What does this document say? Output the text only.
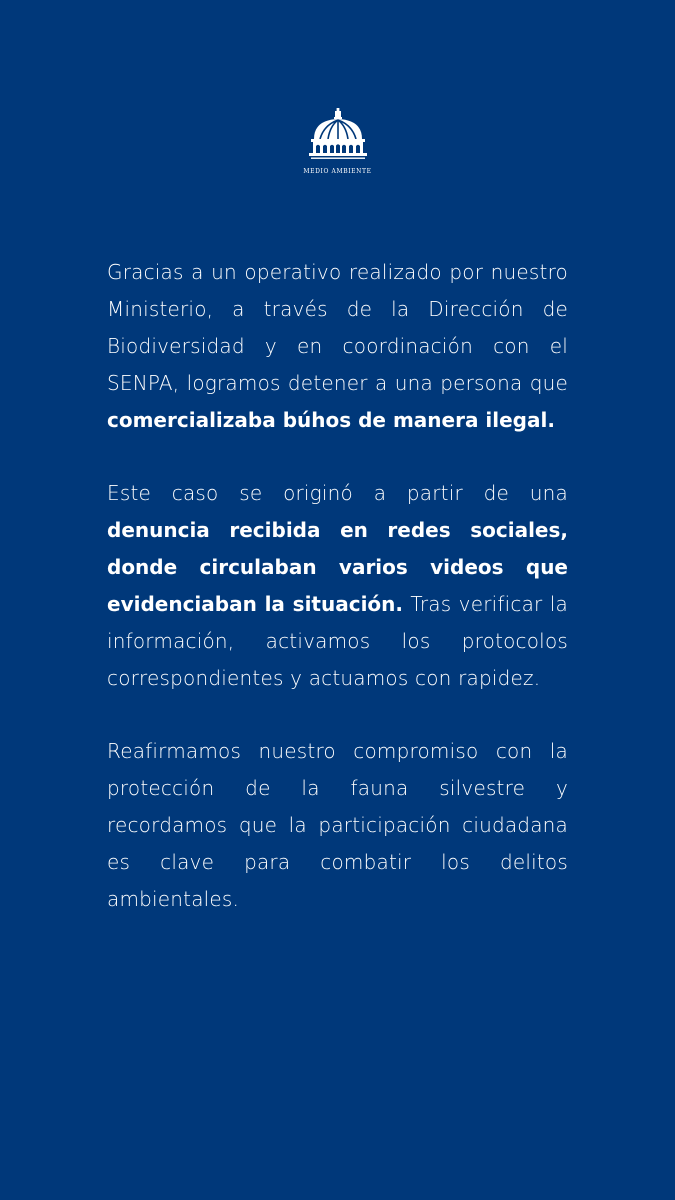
MEDIO AMBIENTE

Gracias a un operativo realizado por nuestro Ministerio, a través de la Dirección de Biodiversidad y en coordinación con el SENPA, logramos detener a una persona que comercializaba búhos de manera ilegal.

Este caso se originó a partir de una denuncia recibida en redes sociales, donde circulaban varios videos que evidenciaban la situación. Tras verificar la información, activamos los protocolos correspondientes y actuamos con rapidez.

Reafirmamos nuestro compromiso con la protección de la fauna silvestre y recordamos que la participación ciudadana es clave para combatir los delitos ambientales.
